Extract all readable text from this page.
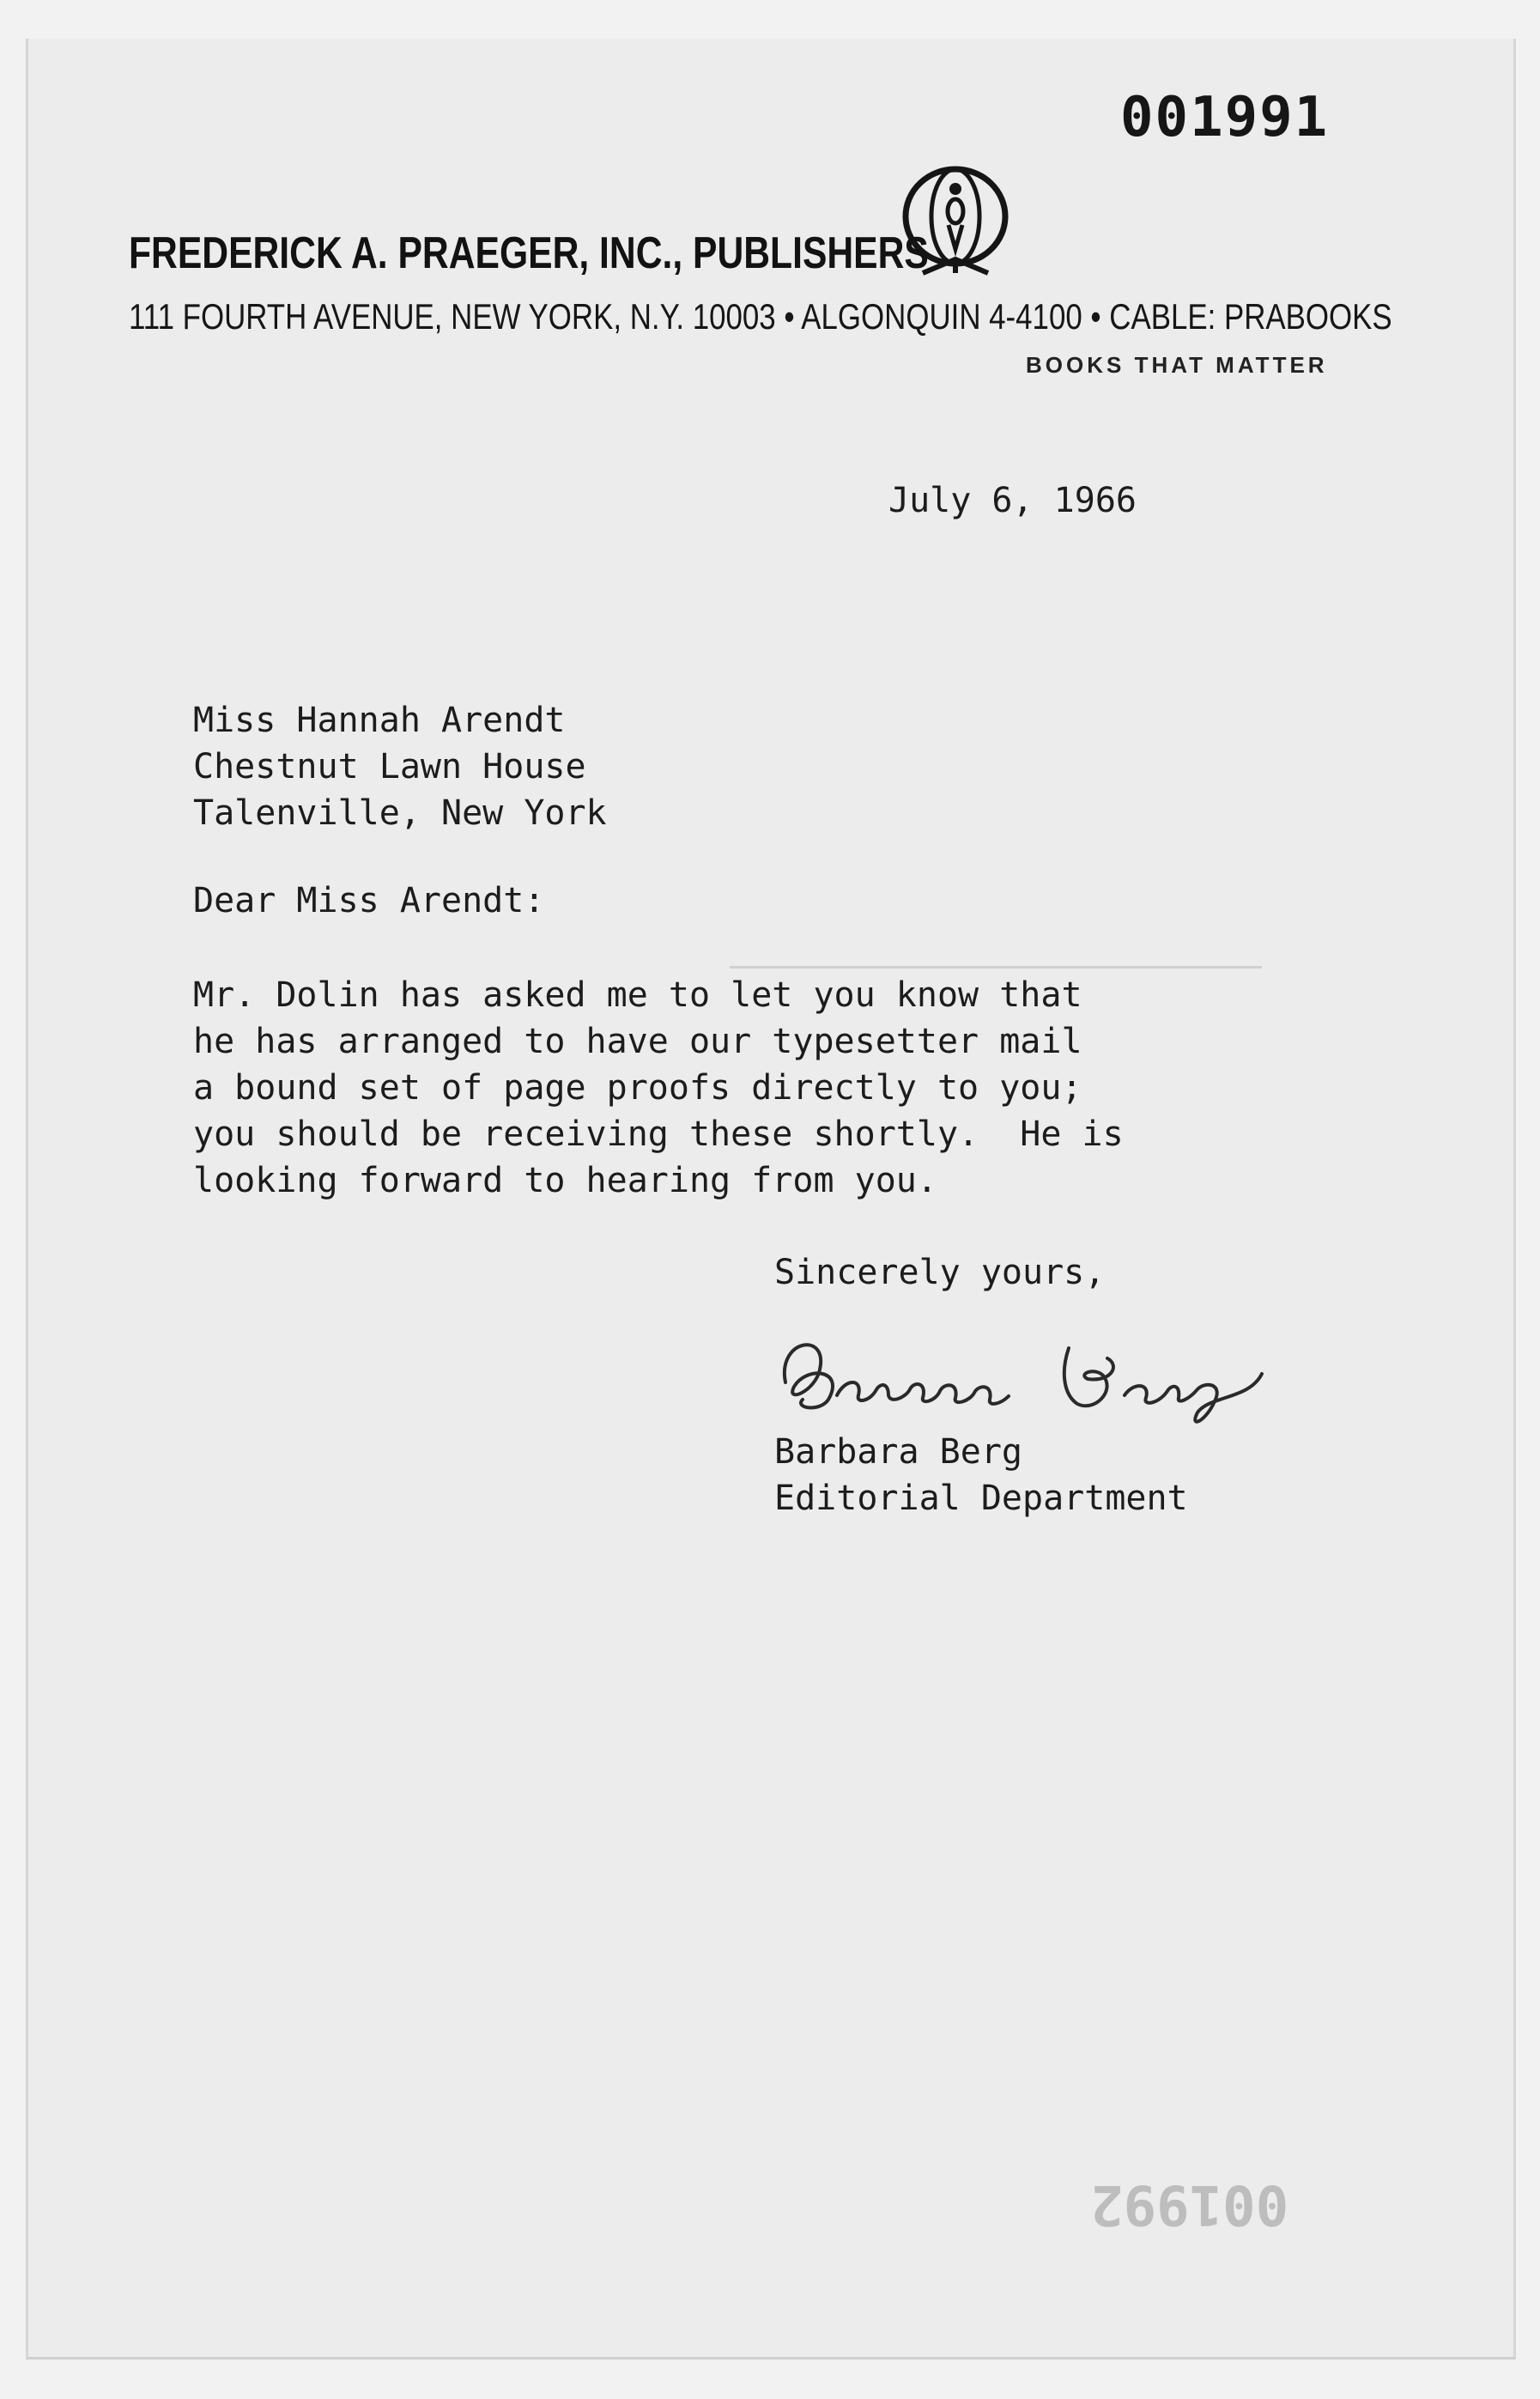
001992
001991
FREDERICK A. PRAEGER, INC., PUBLISHERS
111 FOURTH AVENUE, NEW YORK, N.Y. 10003 • ALGONQUIN 4-4100 • CABLE: PRABOOKS
BOOKS THAT MATTER
July 6, 1966
Miss Hannah Arendt
Chestnut Lawn House
Talenville, New York
Dear Miss Arendt:
Mr. Dolin has asked me to let you know that
he has arranged to have our typesetter mail
a bound set of page proofs directly to you;
you should be receiving these shortly.  He is
looking forward to hearing from you.
Sincerely yours,
Barbara Berg
Editorial Department
